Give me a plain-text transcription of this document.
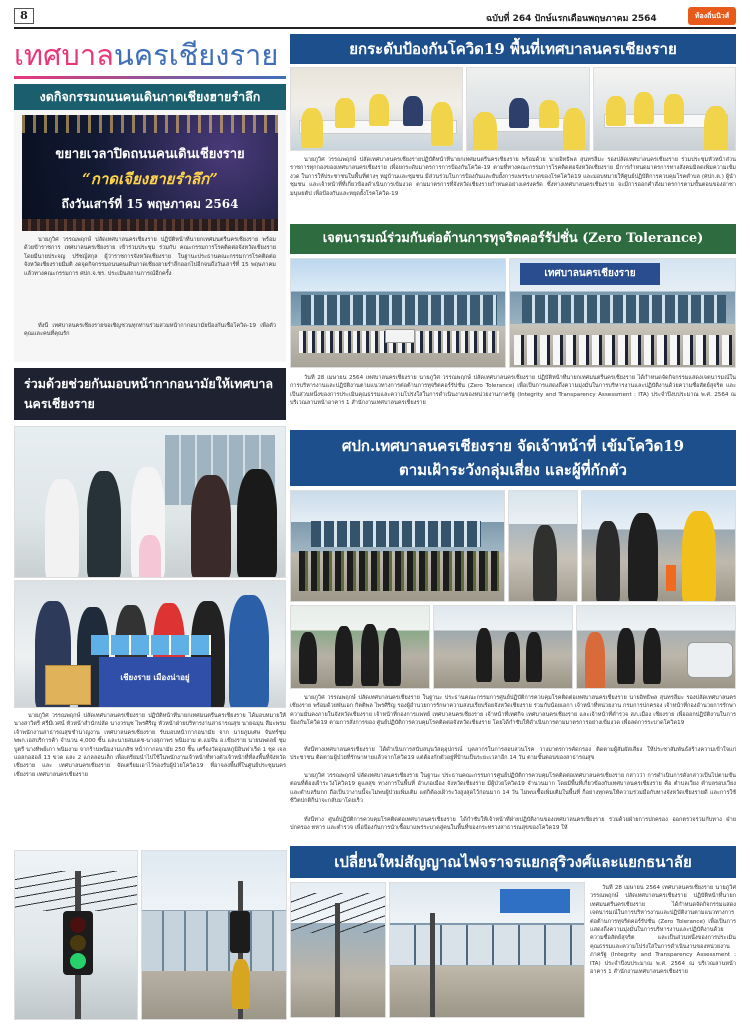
8	ฉบับที่ 264 ปักษ์แรกเดือนพฤษภาคม 2564	ท้องถิ่นนิวส์
เทศบาลนครเชียงราย
งดกิจกรรมถนนคนเดินกาดเชียงฮายรำลึก
ขยายเวลาปิดถนนคนเดินเชียงราย
“กาดเจียงฮายรำลึก”
ถึงวันเสาร์ที่ 15 พฤษภาคม 2564
นายภูวิศ วรรณพฤกษ์ ปลัดเทศบาลนครเชียงราย ปฏิบัติหน้าที่นายกเทศมนตรีนครเชียงราย พร้อมด้วยข้าราชการ เทศบาลนครเชียงราย เข้าร่วมประชุม ร่วมกับ คณะกรรมการโรคติดต่อจังหวัดเชียงราย โดยมีนายประจญ ปรัชญ์สกุล ผู้ว่าราชการจังหวัดเชียงราย ในฐานะประธานคณะกรรมการโรคติดต่อจังหวัดเชียงรายมีมติ งดจุดกิจกรรมถนนคนเดินกาดเชียงฮายรำลึกออกไปอีกจนถึงวันเสาร์ที่ 15 พฤษภาคม แล้วทางคณะกรรมการ ศปก.จ.ชร. ประเมินสถานการณ์อีกครั้ง
ทั้งนี้ เทศบาลนครเชียงรายขอเชิญชวนทุกท่านร่วมสวมหน้ากากอนามัยป้องกันเชื้อโควิด-19 เพื่อตัวคุณและคนที่คุณรัก
ร่วมด้วยช่วยกันมอบหน้ากากอนามัยให้เทศบาลนครเชียงราย
เชียงราย เมืองน่าอยู่
นายภูวิศ วรรณพฤกษ์ ปลัดเทศบาลนครเชียงราย ปฏิบัติหน้าที่นายกเทศมนตรีนครเชียงราย ได้มอบหมายให้ นางสาวิตรี ศรีมีเวศน์ หัวหน้าสำนักปลัด นางวรนุช ไพรศิริญ หัวหน้าฝ่ายบริหารงานสาธารณสุข นายฉมุน สีมะพรม เจ้าพนักงานสาธารณสุขชำนาญงาน เทศบาลนครเชียงราย รับมอบหน้ากากอนามัย จาก นายภูมเศษ จันทร์ชุม พพก.เอสบริการค้า จำนวน 4,000 ชิ้น และนายสมเดช-นางสุภาพร พนิมงาม ต.แม่จัน อ.เชียงราย นายนพดลย์ ชุมบูตรี นางทิพย์เภา พนิมงาม จากร้านพนิมงามเภสัช หน้ากากอนามัย 250 ชิ้น เครื่องวัดอุณหภูมิอินฟาเร็ด 1 ชุด เจลแอลกอฮอล์ 13 ขวด และ 2 แกลลอนเล็ก เพื่อเตรียมนำไปใช้ในพนักงานเจ้าหน้าที่ทางตัวเจ้าหน้าที่ที่ลงพื้นที่จังหวัดเชียงราย และ เทศบาลนครเชียงราย จัดเตรียมเอาไว้รองรับผู้ป่วยโควิด19 ที่อาจลงพื้นที่ในศูนย์ประชุมนครเชียงราย เทศบาลนครเชียงราย
ยกระดับป้องกันโควิด19 พื้นที่เทศบาลนครเชียงราย
นายภูวิศ วรรณพฤกษ์ ปลัดเทศบาลนครเชียงรายปฏิบัติหน้าที่นายกเทศมนตรีนครเชียงราย พร้อมด้วย นายอิทธิพล สุนทรลีมะ รองปลัดเทศบาลนครเชียงราย ร่วมประชุมหัวหน้าส่วนราชการทุกกองของเทศบาลนครเชียงราย เพื่อยกระดับมาตรการการป้องกันโควิด-19 ตามที่ทางคณะกรรมการโรคติดต่อจังหวัดเชียงราย มีการกำหนดมาตรการทางสังคมมิลดเพิ่มความเข้มงวด ในการให้ประชาชนในพื้นที่ต่างๆ หมู่บ้านและชุมชน มีส่วนร่วมในการป้องกันและยับยั้งการแพร่ระบาดของโรคโควิด19 และมอบหมายให้ศูนย์ปฏิบัติการควบคุมโรคตำบล (ศปก.ต.) ผู้นำชุมชน และเจ้าหน้าที่ที่เกี่ยวข้องดำเนินการเข้มงวด ตามมาตรการที่จังหวัดเชียงรายกำหนดอย่างเคร่งครัด ซึ่งทางเทศบาลนครเชียงราย จะมีการออกคำสั่งมาตรการตามขั้นตอนของฮาชามนุษยตัป เพื่อป้องกันและหยุดยั้งโรคโควิด-19
เจตนารมณ์ร่วมกันต่อต้านการทุจริตคอร์รัปชั่น (Zero Tolerance)
เทศบาลนครเชียงราย
วันที่ 28 เมษายน 2564 เทศบาลนครเชียงราย นายภูวิศ วรรณพฤกษ์ ปลัดเทศบาลนครเชียงราย ปฏิบัติหน้าที่นายกเทศมนตรีนครเชียงราย ได้กำหนดจัดกิจกรรมแสดงเจตนารมณ์ในการบริหารงานและปฏิบัติงานตามแนวทางการต่อต้านการทุจริตคอร์รัปชั่น (Zero Tolerance) เพื่อเป็นการแสดงถึงความมุ่งมั่นในการบริหารงานและปฏิบัติงานด้วยความซื่อสัตย์สุจริต และเป็นส่วนหนึ่งของการประเมินคุณธรรมและความโปร่งใสในการดำเนินงานของหน่วยงานภาครัฐ (Integrity and Transparency Assessment : ITA) ประจำปีงบประมาณ พ.ศ. 2564 ณ บริเวณลานหน้าอาคาร 1 สำนักงานเทศบาลนครเชียงราย
ศปก.เทศบาลนครเชียงราย จัดเจ้าหน้าที่ เข้มโควิด19
ตามเฝ้าระวังกลุ่มเสี่ยง และผู้ที่กักตัว
นายภูวิศ วรรณพฤกษ์ ปลัดเทศบาลนครเชียงราย ในฐานะ ประธานคณะกรรมการศูนย์ปฏิบัติการควบคุมโรคติดต่อเทศบาลนครเชียงราย นายอิทธิพล สุนทรลีมะ รองปลัดเทศบาลนครเชียงราย พร้อมด้วยพันเอก กิตติพล ไพรศิริญ รองผู้อำนวยการรักษาความสงบเรียบร้อยจังหวัดเชียงราย ร่วมกับน้อยเอกา เจ้าหน้าที่หน่วยงาน กรมการปกครอง เจ้าหน้าที่กองอำนวยการรักษาความมั่นคงภายในจังหวัดเชียงราย เจ้าหน้าที่กองการแพทย์ เทศบาลนครเชียงราย เจ้าหน้าที่เทศกิจ เทศบาลนครเชียงราย และเจ้าหน้าที่ตำรวจ สภ.เมือง เชียงราย เพื่อออกปฏิบัติงานในการป้องกันโควิด19 ตามการสั่งการของ ศูนย์ปฏิบัติการควบคุมโรคติดต่อจังหวัดเชียงราย โดยได้กำชับให้ดำเนินการตามมาตรการอย่างเข้มงวด เพื่อลดการระบาดโควิด19
ทั้งนี้ทางเทศบาลนครเชียงราย ได้ดำเนินการสนับสนุนวัสดุอุปกรณ์ บุคลากรในการสอบสวนโรค วางมาตรการคัดกรอง ติดตามผู้สัมผัสเสี่ยง ให้ประชาสัมพันธ์สร้างความเข้าใจแก่ประชาชน ติดตามผู้ป่วยที่รักษาหายแล้วจากโควิด19 แต่ต้องกักตัวอยู่ที่บ้านเป็นระยะเวลาอีก 14 วัน ตามขั้นตอนของสาธารณสุข
นายภูวิศ วรรณพฤกษ์ ปลัดเทศบาลนครเชียงราย ในฐานะ ประธานคณะกรรมการศูนย์ปฏิบัติการควบคุมโรคติดต่อเทศบาลนครเชียงราย กล่าวว่า การดำเนินการดังกล่าวเป็นไปตามขั้นตอนที่ต้องเฝ้าระวังโควิด19 ดูแลสุข ทางการในพื้นที่ อำเภอเมือง จังหวัดเชียงราย มีผู้ป่วยโควิด19 จำนวนมาก โดยมีพื้นที่เกี่ยวข้องกับเทศบาลนครเชียงราย คือ ตำบลเวียง ตำบลรอบเวียง และตำบลริมกก ถือเป็นว่างานนี้จะไม่พบผู้ป่วยเพิ่มเติม แต่ก็ต้องเฝ้าระวังสูงสุดไว้ก่อนมาก 14 วัน ไม่พบเชื้อเพิ่มเติมในพื้นที่ ก็อย่างทุกคนให้ความร่วมมือกับทางจังหวัดเชียงรายดี และการใช้ชีวิตปกติก็น่าจะกลับมาโดยเร็ว
ทั้งนี้ทาง ศูนย์ปฏิบัติการควบคุมโรคติดต่อเทศบาลนครเชียงราย ได้กำชับให้เจ้าหน้าที่ฝ่ายปฏิบัติงานของเทศบาลนครเชียงราย ร่วมด้วยฝ่ายการปกครอง ออกตรวจร่วมกับทาง ฝ่ายปกครอง ทหาร และตำรวจ เพื่อป้องกันการนำเชื้อมาแพร่ระบาดสู่คนในพื้นที่ของกระทรวงสาธารณสุขของโควิด19 ให้
เปลี่ยนใหม่สัญญาณไฟจราจรแยกสุริวงศ์และแยกธนาลัย
วันที่ 28 เมษายน 2564 เทศบาลนครเชียงราย นายภูวิศ วรรณพฤกษ์ ปลัดเทศบาลนครเชียงราย ปฏิบัติหน้าที่นายกเทศมนตรีนครเชียงราย ได้กำหนดจัดกิจกรรมแสดงเจตนารมณ์ในการบริหารงานและปฏิบัติงานตามแนวทางการต่อต้านการทุจริตคอร์รัปชั่น (Zero Tolerance) เพื่อเป็นการแสดงถึงความมุ่งมั่นในการบริหารงานและปฏิบัติงานด้วยความซื่อสัตย์สุจริต และเป็นส่วนหนึ่งของการประเมินคุณธรรมและความโปร่งใสในการดำเนินงานของหน่วยงานภาครัฐ (Integrity and Transparency Assessment : ITA) ประจำปีงบประมาณ พ.ศ. 2564 ณ บริเวณลานหน้าอาคาร 1 สำนักงานเทศบาลนครเชียงราย
